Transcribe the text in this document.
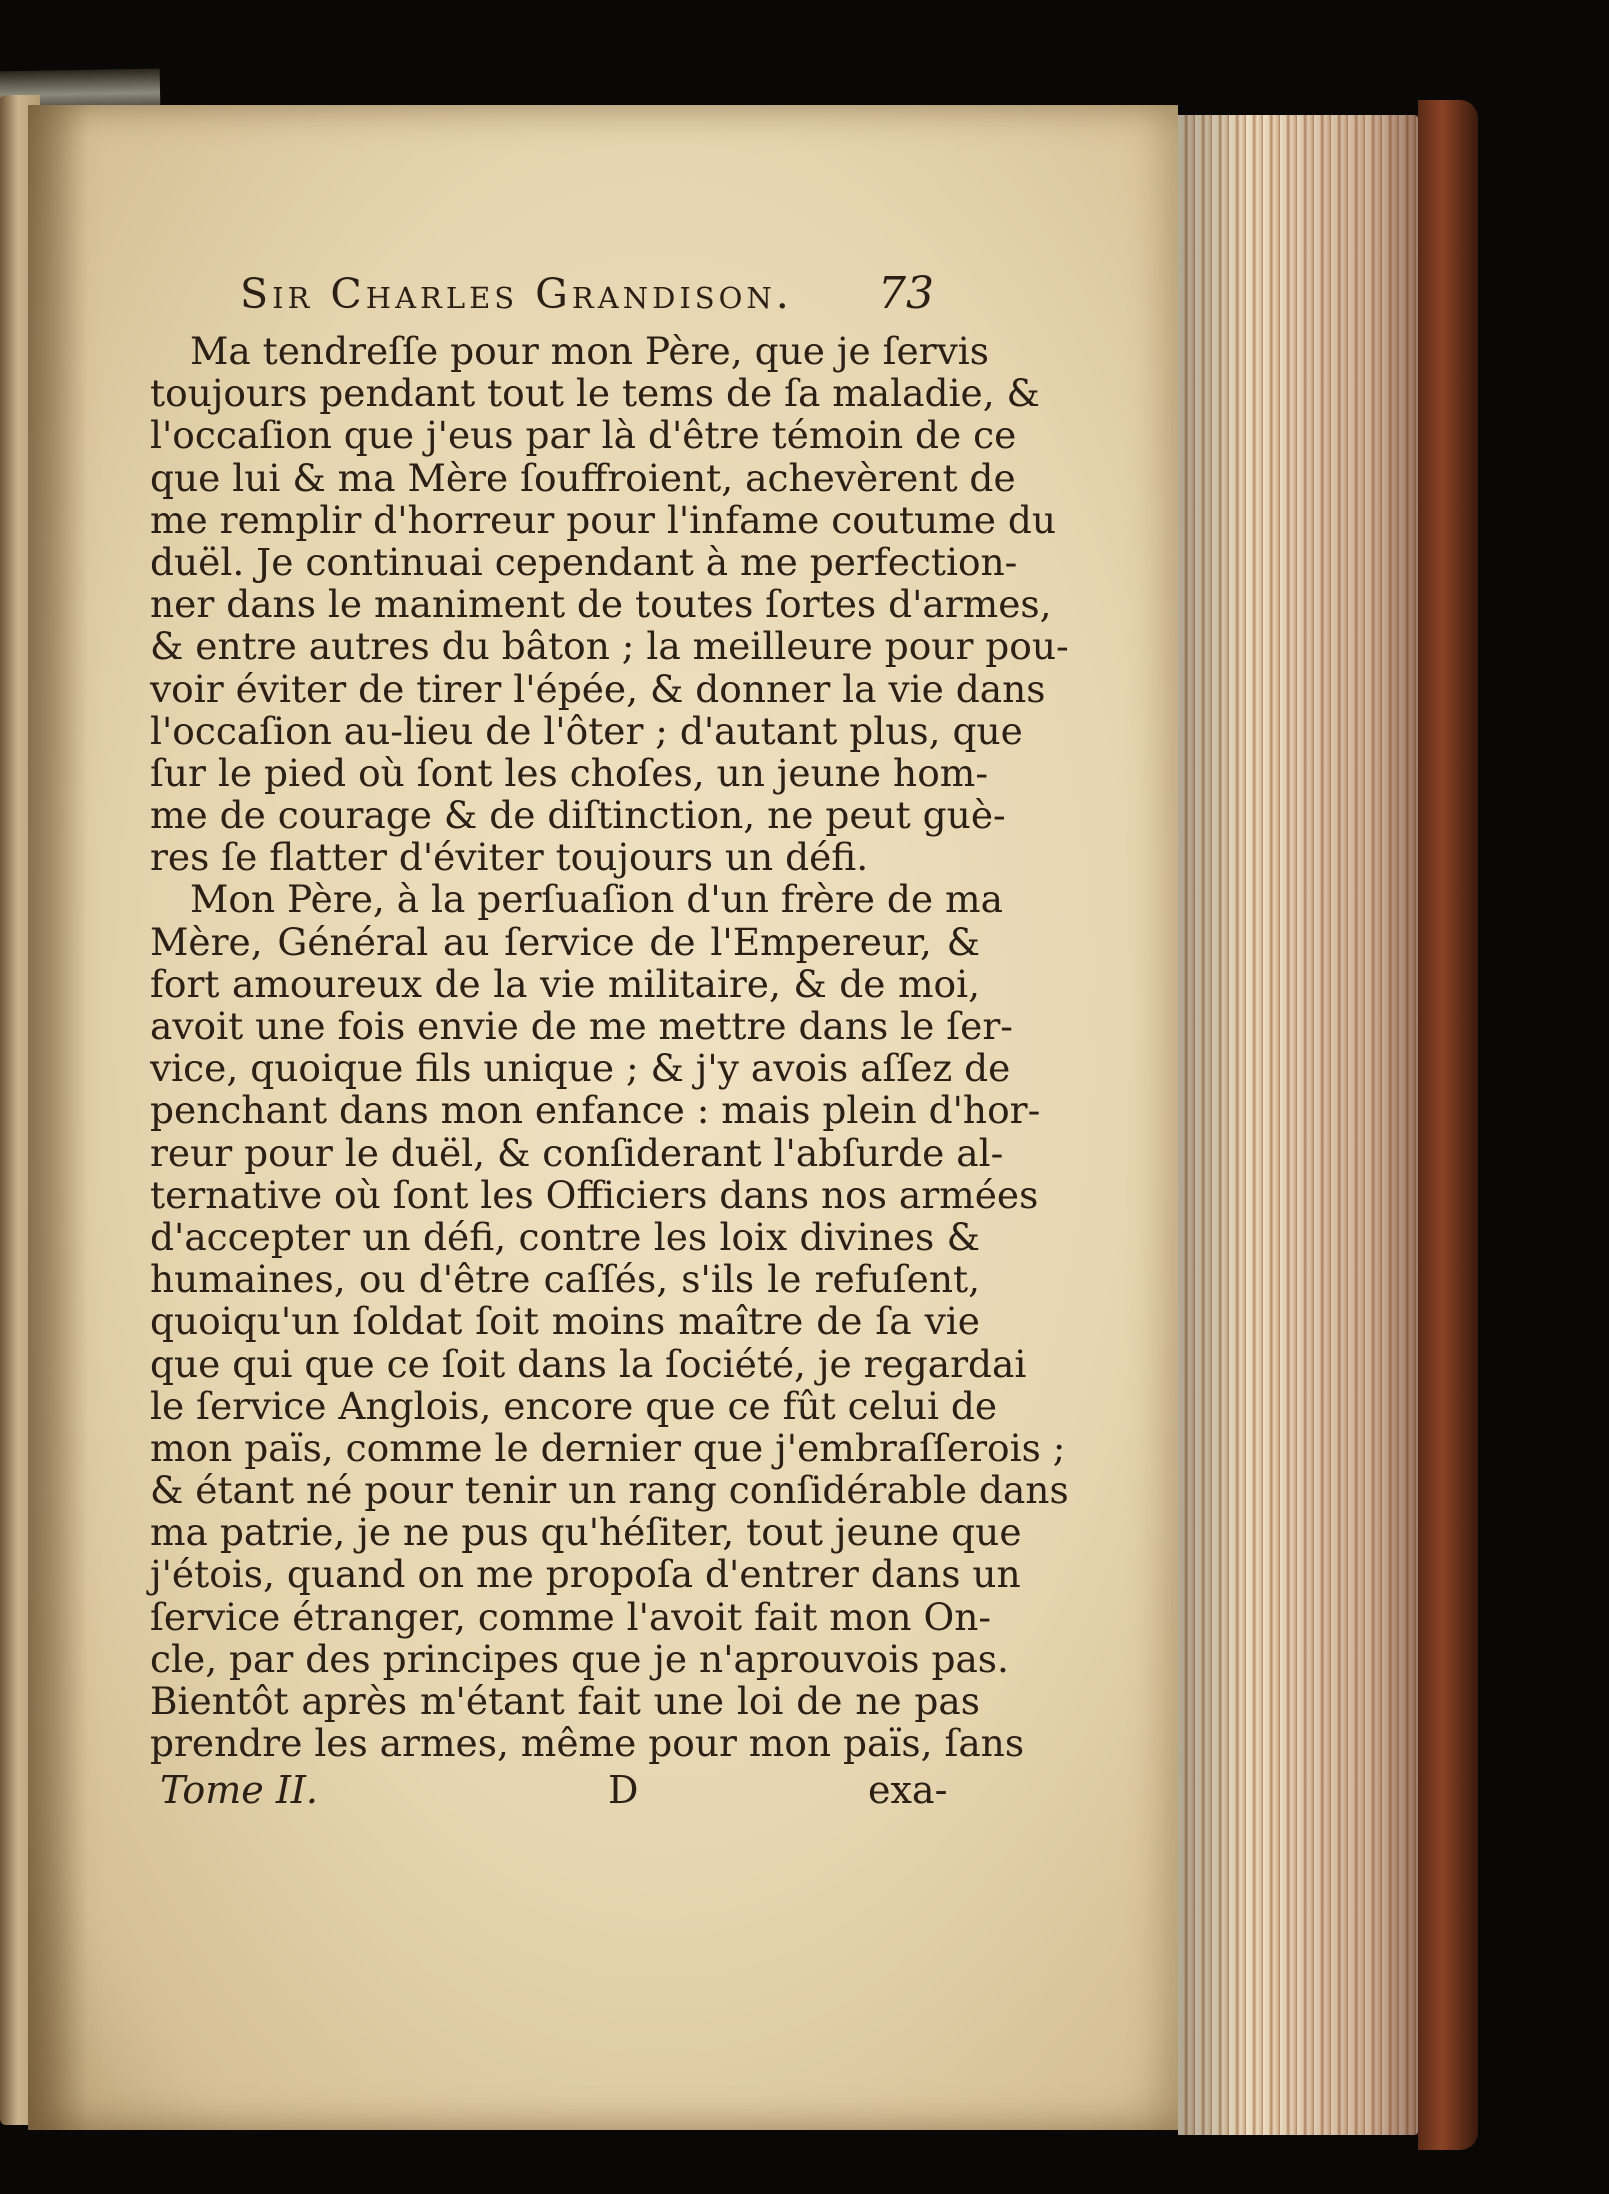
Sir Charles Grandison. 73
Ma tendreſſe pour mon Père, que je ſervis
toujours pendant tout le tems de ſa maladie, &
l'occaſion que j'eus par là d'être témoin de ce
que lui & ma Mère ſouffroient, achevèrent de
me remplir d'horreur pour l'infame coutume du
duël. Je continuai cependant à me perfection-
ner dans le maniment de toutes ſortes d'armes,
& entre autres du bâton ; la meilleure pour pou-
voir éviter de tirer l'épée, & donner la vie dans
l'occaſion au-lieu de l'ôter ; d'autant plus, que
ſur le pied où ſont les choſes, un jeune hom-
me de courage & de diſtinction, ne peut guè-
res ſe flatter d'éviter toujours un défi.
Mon Père, à la perſuaſion d'un frère de ma
Mère, Général au ſervice de l'Empereur, &
fort amoureux de la vie militaire, & de moi,
avoit une fois envie de me mettre dans le ſer-
vice, quoique fils unique ; & j'y avois aſſez de
penchant dans mon enfance : mais plein d'hor-
reur pour le duël, & conſiderant l'abſurde al-
ternative où ſont les Officiers dans nos armées
d'accepter un défi, contre les loix divines &
humaines, ou d'être caſſés, s'ils le refuſent,
quoiqu'un ſoldat ſoit moins maître de ſa vie
que qui que ce ſoit dans la ſociété, je regardai
le ſervice Anglois, encore que ce fût celui de
mon païs, comme le dernier que j'embraſſerois ;
& étant né pour tenir un rang conſidérable dans
ma patrie, je ne pus qu'héſiter, tout jeune que
j'étois, quand on me propoſa d'entrer dans un
ſervice étranger, comme l'avoit fait mon On-
cle, par des principes que je n'aprouvois pas.
Bientôt après m'étant fait une loi de ne pas
prendre les armes, même pour mon païs, ſans
Tome II.	D	exa-
